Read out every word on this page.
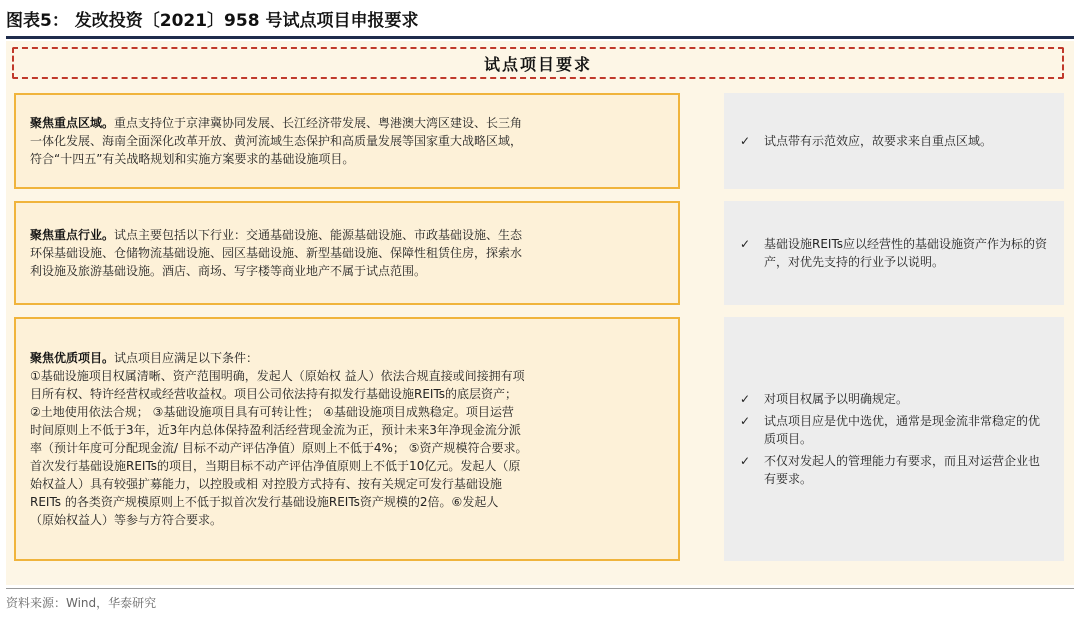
图表5： 发改投资〔2021〕958 号试点项目申报要求
试点项目要求
聚焦重点区域。重点支持位于京津冀协同发展、长江经济带发展、粤港澳大湾区建设、长三角
一体化发展、海南全面深化改革开放、黄河流域生态保护和高质量发展等国家重大战略区域，
符合“十四五”有关战略规划和实施方案要求的基础设施项目。
✓ 试点带有示范效应，故要求来自重点区域。
聚焦重点行业。试点主要包括以下行业：交通基础设施、能源基础设施、市政基础设施、生态
环保基础设施、仓储物流基础设施、园区基础设施、新型基础设施、保障性租赁住房，探索水
利设施及旅游基础设施。酒店、商场、写字楼等商业地产不属于试点范围。
✓ 基础设施REITs应以经营性的基础设施资产作为标的资产，对优先支持的行业予以说明。
聚焦优质项目。试点项目应满足以下条件：
①基础设施项目权属清晰、资产范围明确，发起人（原始权 益人）依法合规直接或间接拥有项
目所有权、特许经营权或经营收益权。项目公司依法持有拟发行基础设施REITs的底层资产；
②土地使用依法合规； ③基础设施项目具有可转让性； ④基础设施项目成熟稳定。项目运营
时间原则上不低于3年，近3年内总体保持盈利活经营现金流为正，预计未来3年净现金流分派
率（预计年度可分配现金流/ 目标不动产评估净值）原则上不低于4%； ⑤资产规模符合要求。
首次发行基础设施REITs的项目，当期目标不动产评估净值原则上不低于10亿元。发起人（原
始权益人）具有较强扩募能力，以控股或相 对控股方式持有、按有关规定可发行基础设施
REITs 的各类资产规模原则上不低于拟首次发行基础设施REITs资产规模的2倍。⑥发起人
（原始权益人）等参与方符合要求。
✓ 对项目权属予以明确规定。
✓ 试点项目应是优中选优，通常是现金流非常稳定的优质项目。
✓ 不仅对发起人的管理能力有要求，而且对运营企业也有要求。
资料来源：Wind，华泰研究
